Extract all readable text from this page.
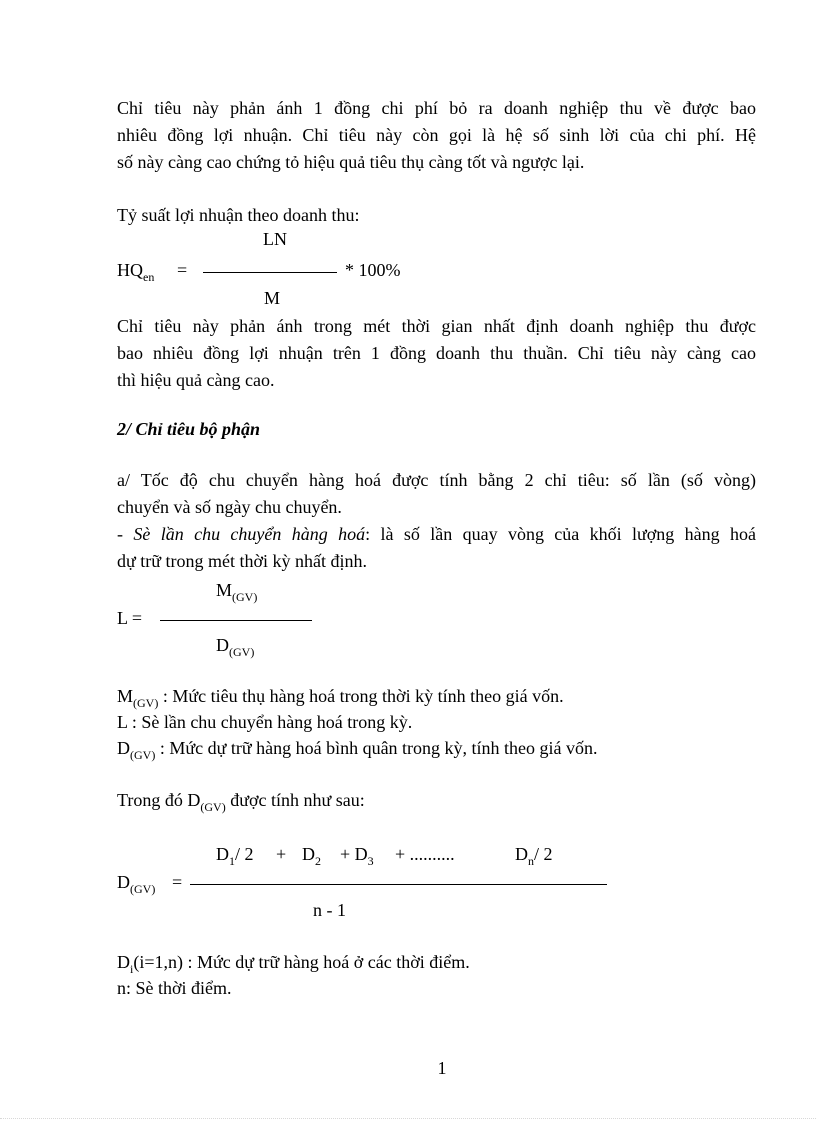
Chỉ tiêu này phản ánh 1 đồng chi phí bỏ ra doanh nghiệp thu về được bao
nhiêu đồng lợi nhuận. Chỉ tiêu này còn gọi là hệ số sinh lời của chi phí. Hệ
số này càng cao chứng tỏ hiệu quả tiêu thụ càng tốt và ngược lại.
Tỷ suất lợi nhuận theo doanh thu:
LN
$HQ_{en}$ =	* 100%
M
Chỉ tiêu này phản ánh trong mét thời gian nhất định doanh nghiệp thu được
bao nhiêu đồng lợi nhuận trên 1 đồng doanh thu thuần. Chỉ tiêu này càng cao
thì hiệu quả càng cao.
2/ Chỉ tiêu bộ phận
a/ Tốc độ chu chuyển hàng hoá được tính bằng 2 chỉ tiêu: số lần (số vòng)
chuyển và số ngày chu chuyển.
- Sè lần chu chuyển hàng hoá: là số lần quay vòng của khối lượng hàng hoá
dự trữ trong mét thời kỳ nhất định.
$M_{(GV)}$
L =
$D_{(GV)}$
$M_{(GV)}$ : Mức tiêu thụ hàng hoá trong thời kỳ tính theo giá vốn.
L : Sè lần chu chuyển hàng hoá trong kỳ.
$D_{(GV)}$ : Mức dự trữ hàng hoá bình quân trong kỳ, tính theo giá vốn.
Trong đó $D_{(GV)}$ được tính như sau:
$D_1/$ $2 + D_2 + D_3$ + ..........	$D_n/$ 2
$D_{(GV)}$ =
n - 1
$D_i(i=1,n)$ : Mức dự trữ hàng hoá ở các thời điểm.
n: Sè thời điểm.
1
